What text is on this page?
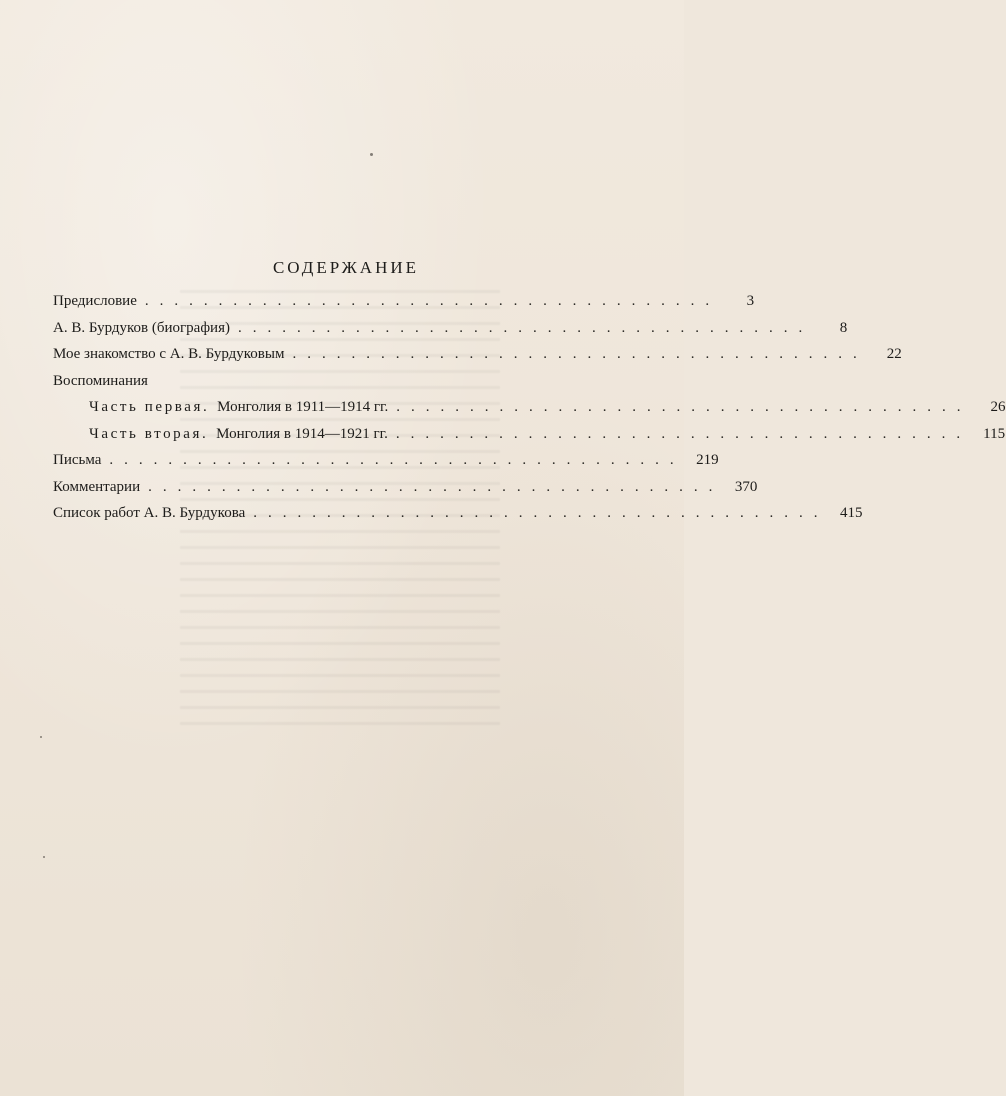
СОДЕРЖАНИЕ
Предисловие .......................................	3
А. В. Бурдуков (биография) .......................................	8
Мое знакомство с А. В. Бурдуковым .......................................	22
Воспоминания
Часть первая. Монголия в 1911—1914 гг. .......................................	26
Часть вторая. Монголия в 1914—1921 гг. ....................................... 115
Письма ....................................... 219
Комментарии ....................................... 370
Список работ А. В. Бурдукова ....................................... 415
